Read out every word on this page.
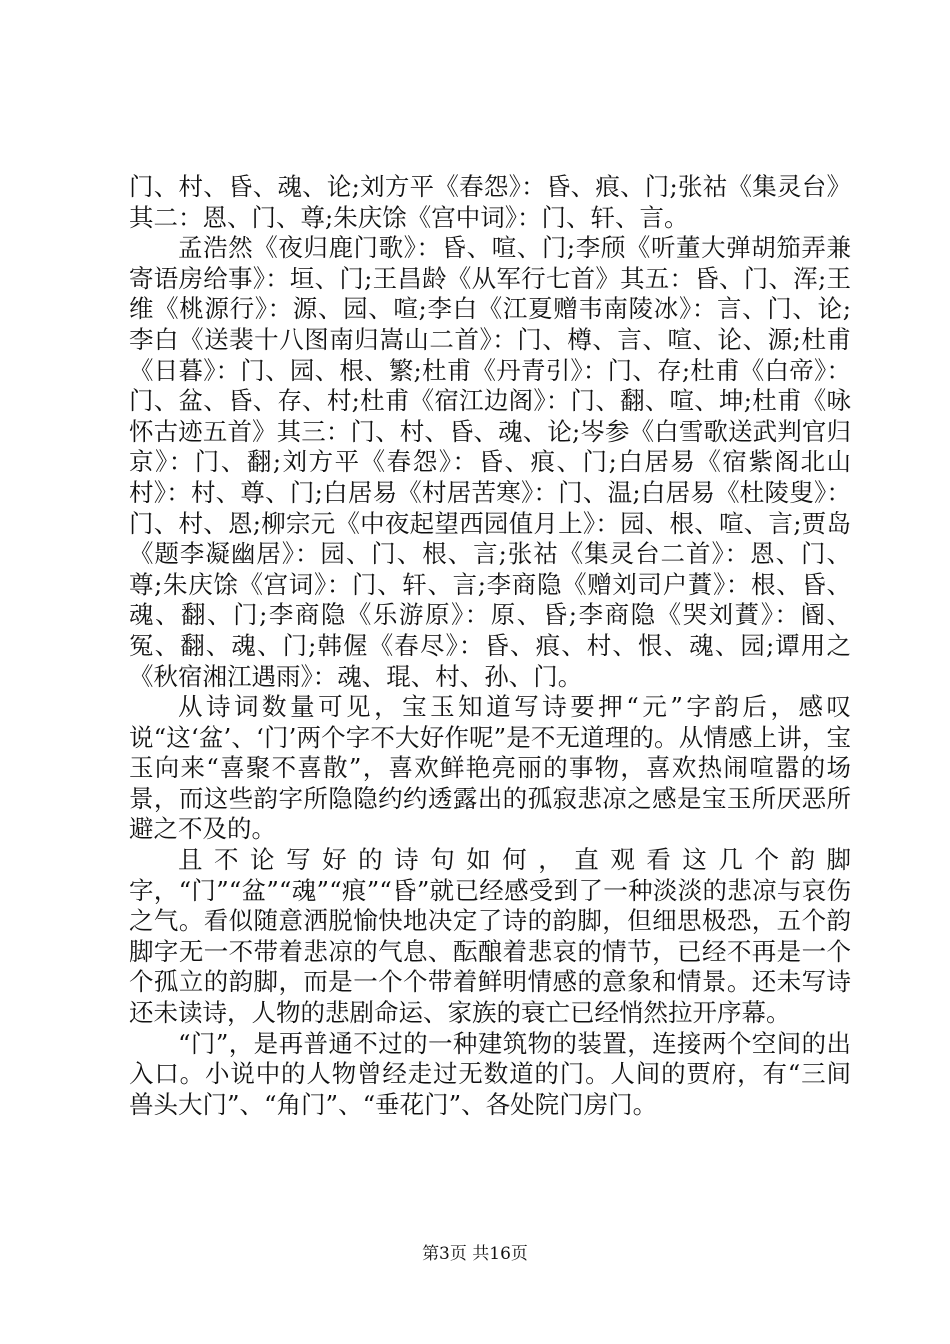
门、村、昏、魂、论;刘方平《春怨》：昏、痕、门;张祜《集灵台》其二：恩、门、尊;朱庆馀《宫中词》：门、轩、言。

孟浩然《夜归鹿门歌》：昏、喧、门;李颀《听董大弹胡笳弄兼寄语房给事》：垣、门;王昌龄《从军行七首》其五：昏、门、浑;王维《桃源行》：源、园、喧;李白《江夏赠韦南陵冰》：言、门、论;李白《送裴十八图南归嵩山二首》：门、樽、言、喧、论、源;杜甫《日暮》：门、园、根、繁;杜甫《丹青引》：门、存;杜甫《白帝》：门、盆、昏、存、村;杜甫《宿江边阁》：门、翻、喧、坤;杜甫《咏怀古迹五首》其三：门、村、昏、魂、论;岑参《白雪歌送武判官归京》：门、翻;刘方平《春怨》：昏、痕、门;白居易《宿紫阁北山村》：村、尊、门;白居易《村居苦寒》：门、温;白居易《杜陵叟》：门、村、恩;柳宗元《中夜起望西园值月上》：园、根、喧、言;贾岛《题李凝幽居》：园、门、根、言;张祜《集灵台二首》：恩、门、尊;朱庆馀《宫词》：门、轩、言;李商隐《赠刘司户蕡》：根、昏、魂、翻、门;李商隐《乐游原》：原、昏;李商隐《哭刘蕡》：阍、冤、翻、魂、门;韩偓《春尽》：昏、痕、村、恨、魂、园;谭用之《秋宿湘江遇雨》：魂、琨、村、孙、门。

从诗词数量可见，宝玉知道写诗要押“元”字韵后，感叹说“这‘盆’、‘门’两个字不大好作呢”是不无道理的。从情感上讲，宝玉向来“喜聚不喜散”，喜欢鲜艳亮丽的事物，喜欢热闹喧嚣的场景，而这些韵字所隐隐约约透露出的孤寂悲凉之感是宝玉所厌恶所避之不及的。

且不论写好的诗句如何，直观看这几个韵脚字，“门”“盆”“魂”“痕”“昏”就已经感受到了一种淡淡的悲凉与哀伤之气。看似随意洒脱愉快地决定了诗的韵脚，但细思极恐，五个韵脚字无一不带着悲凉的气息、酝酿着悲哀的情节，已经不再是一个个孤立的韵脚，而是一个个带着鲜明情感的意象和情景。还未写诗还未读诗，人物的悲剧命运、家族的衰亡已经悄然拉开序幕。

“门”，是再普通不过的一种建筑物的装置，连接两个空间的出入口。小说中的人物曾经走过无数道的门。人间的贾府，有“三间兽头大门”、“角门”、“垂花门”、各处院门房门。

第3页 共16页
